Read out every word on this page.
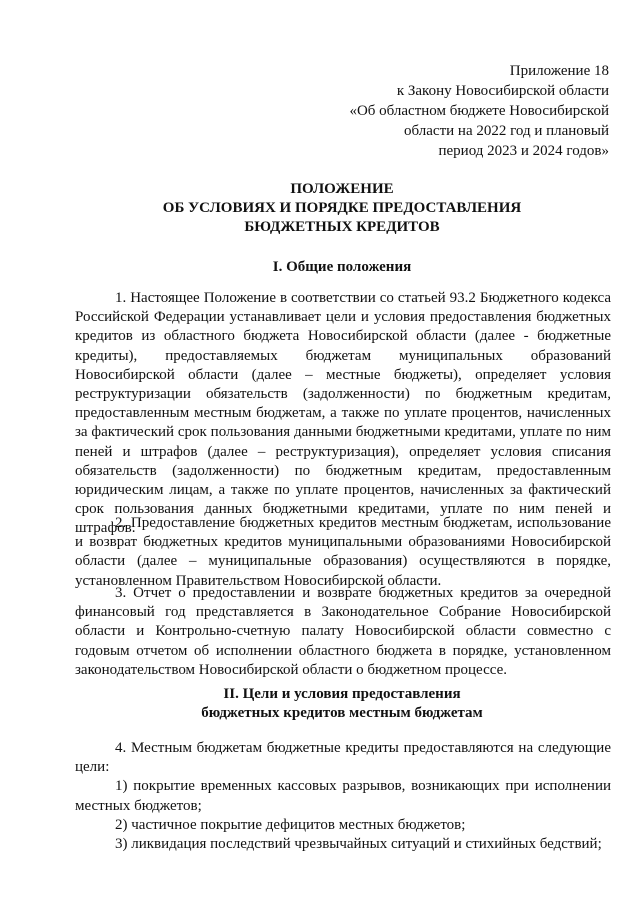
Приложение 18
к Закону Новосибирской области
«Об областном бюджете Новосибирской
области на 2022 год и плановый
период 2023 и 2024 годов»
ПОЛОЖЕНИЕ
ОБ УСЛОВИЯХ И ПОРЯДКЕ ПРЕДОСТАВЛЕНИЯ
БЮДЖЕТНЫХ КРЕДИТОВ
I. Общие положения
1. Настоящее Положение в соответствии со статьей 93.2 Бюджетного кодекса
Российской Федерации устанавливает цели и условия предоставления бюджетных
кредитов из областного бюджета Новосибирской области (далее - бюджетные
кредиты), предоставляемых бюджетам муниципальных образований
Новосибирской области (далее – местные бюджеты), определяет условия
реструктуризации обязательств (задолженности) по бюджетным кредитам,
предоставленным местным бюджетам, а также по уплате процентов, начисленных
за фактический срок пользования данными бюджетными кредитами, уплате по ним
пеней и штрафов (далее – реструктуризация), определяет условия списания
обязательств (задолженности) по бюджетным кредитам, предоставленным
юридическим лицам, а также по уплате процентов, начисленных за фактический
срок пользования данных бюджетными кредитами, уплате по ним пеней и
штрафов.
2. Предоставление бюджетных кредитов местным бюджетам, использование
и возврат бюджетных кредитов муниципальными образованиями Новосибирской
области (далее – муниципальные образования) осуществляются в порядке,
установленном Правительством Новосибирской области.
3. Отчет о предоставлении и возврате бюджетных кредитов за очередной
финансовый год представляется в Законодательное Собрание Новосибирской
области и Контрольно-счетную палату Новосибирской области совместно с
годовым отчетом об исполнении областного бюджета в порядке, установленном
законодательством Новосибирской области о бюджетном процессе.
II. Цели и условия предоставления
бюджетных кредитов местным бюджетам
4. Местным бюджетам бюджетные кредиты предоставляются на следующие
цели:
1) покрытие временных кассовых разрывов, возникающих при исполнении
местных бюджетов;
2) частичное покрытие дефицитов местных бюджетов;
3) ликвидация последствий чрезвычайных ситуаций и стихийных бедствий;
